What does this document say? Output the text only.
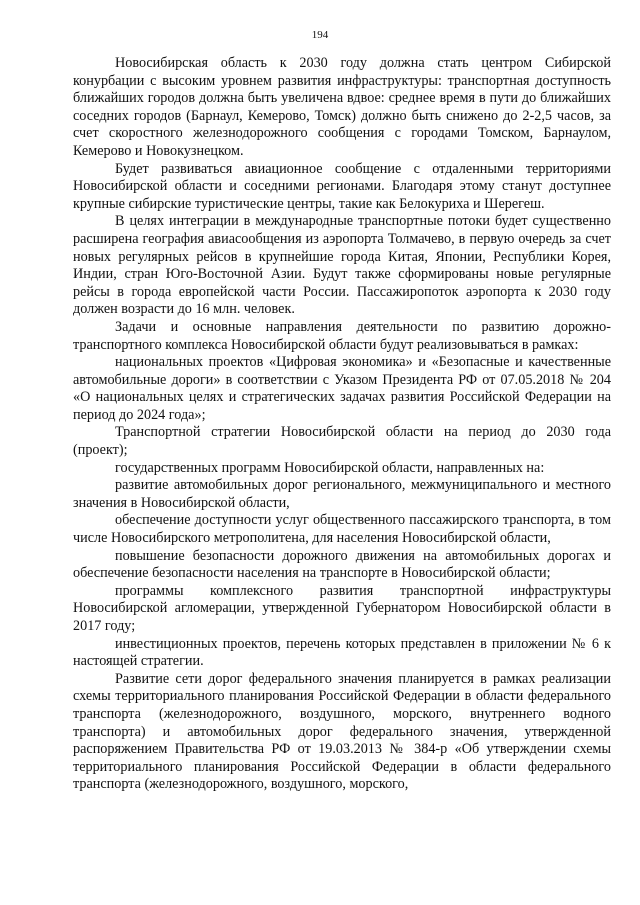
194

Новосибирская область к 2030 году должна стать центром Сибирской конурбации с высоким уровнем развития инфраструктуры: транспортная доступность ближайших городов должна быть увеличена вдвое: среднее время в пути до ближайших соседних городов (Барнаул, Кемерово, Томск) должно быть снижено до 2-2,5 часов, за счет скоростного железнодорожного сообщения с городами Томском, Барнаулом, Кемерово и Новокузнецком.

Будет развиваться авиационное сообщение с отдаленными территориями Новосибирской области и соседними регионами. Благодаря этому станут доступнее крупные сибирские туристические центры, такие как Белокуриха и Шерегеш.

В целях интеграции в международные транспортные потоки будет существенно расширена география авиасообщения из аэропорта Толмачево, в первую очередь за счет новых регулярных рейсов в крупнейшие города Китая, Японии, Республики Корея, Индии, стран Юго-Восточной Азии. Будут также сформированы новые регулярные рейсы в города европейской части России. Пассажиропоток аэропорта к 2030 году должен возрасти до 16 млн. человек.

Задачи и основные направления деятельности по развитию дорожно-транспортного комплекса Новосибирской области будут реализовываться в рамках:

национальных проектов «Цифровая экономика» и «Безопасные и качественные автомобильные дороги» в соответствии с Указом Президента РФ от 07.05.2018 № 204 «О национальных целях и стратегических задачах развития Российской Федерации на период до 2024 года»;

Транспортной стратегии Новосибирской области на период до 2030 года (проект);

государственных программ Новосибирской области, направленных на:

развитие автомобильных дорог регионального, межмуниципального и местного значения в Новосибирской области,

обеспечение доступности услуг общественного пассажирского транспорта, в том числе Новосибирского метрополитена, для населения Новосибирской области,

повышение безопасности дорожного движения на автомобильных дорогах и обеспечение безопасности населения на транспорте в Новосибирской области;

программы комплексного развития транспортной инфраструктуры Новосибирской агломерации, утвержденной Губернатором Новосибирской области в 2017 году;

инвестиционных проектов, перечень которых представлен в приложении № 6 к настоящей стратегии.

Развитие сети дорог федерального значения планируется в рамках реализации схемы территориального планирования Российской Федерации в области федерального транспорта (железнодорожного, воздушного, морского, внутреннего водного транспорта) и автомобильных дорог федерального значения, утвержденной распоряжением Правительства РФ от 19.03.2013 № 384-р «Об утверждении схемы территориального планирования Российской Федерации в области федерального транспорта (железнодорожного, воздушного, морского,
